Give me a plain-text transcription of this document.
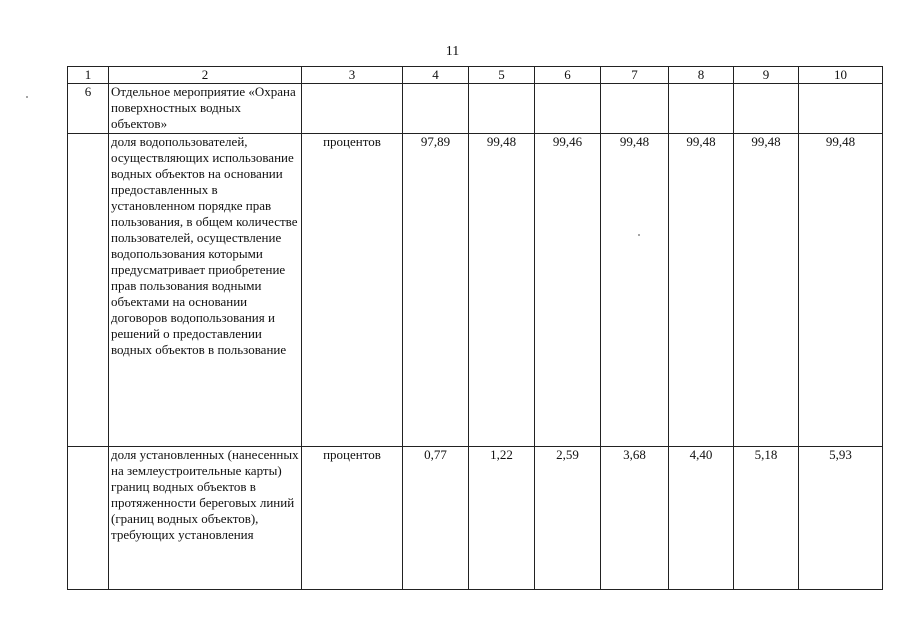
11
1	2	3	4	5	6	7	8	9	10
6	Отдельное мероприятие «Охрана поверхностных водных объектов»								
	доля водопользователей, осуществляющих использование водных объектов на основании предоставленных в установленном порядке прав пользования, в общем количестве пользователей, осуществление водопользования которыми предусматривает приобретение прав пользования водными объектами на основании договоров водопользования и решений о предоставлении водных объектов в пользование	процентов	97,89	99,48	99,46	99,48	99,48	99,48	99,48
	доля установленных (нанесенных на землеустроительные карты) границ водных объектов в протяженности береговых линий (границ водных объектов), требующих установления	процентов	0,77	1,22	2,59	3,68	4,40	5,18	5,93
